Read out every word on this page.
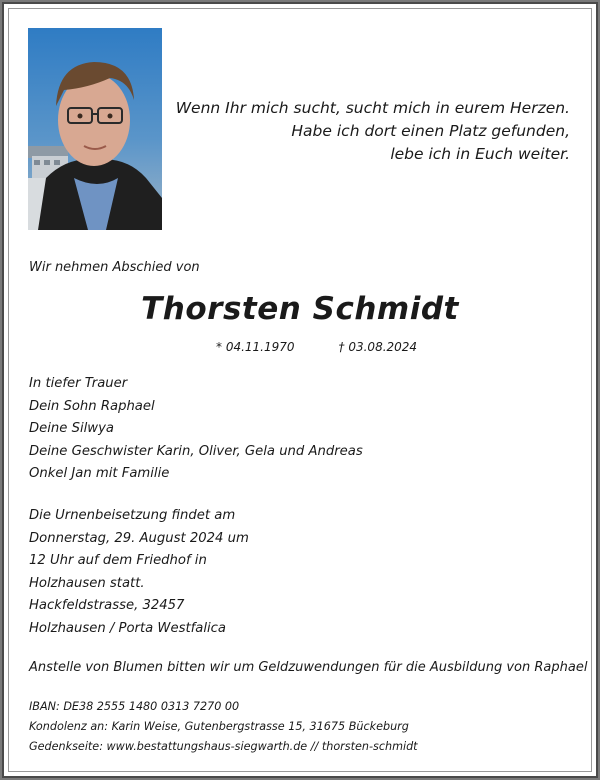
Wenn Ihr mich sucht, sucht mich in eurem Herzen.
Habe ich dort einen Platz gefunden,
lebe ich in Euch weiter.
Wir nehmen Abschied von
Thorsten Schmidt
* 04.11.1970	† 03.08.2024
In tiefer Trauer
Dein Sohn Raphael
Deine Silwya
Deine Geschwister Karin, Oliver, Gela und Andreas
Onkel Jan mit Familie
Die Urnenbeisetzung findet am
Donnerstag, 29. August 2024 um
12 Uhr auf dem Friedhof in
Holzhausen statt.
Hackfeldstrasse, 32457
Holzhausen / Porta Westfalica
Anstelle von Blumen bitten wir um Geldzuwendungen für die Ausbildung von Raphael
IBAN: DE38 2555 1480 0313 7270 00
Kondolenz an: Karin Weise, Gutenbergstrasse 15, 31675 Bückeburg
Gedenkseite: www.bestattungshaus-siegwarth.de // thorsten-schmidt
